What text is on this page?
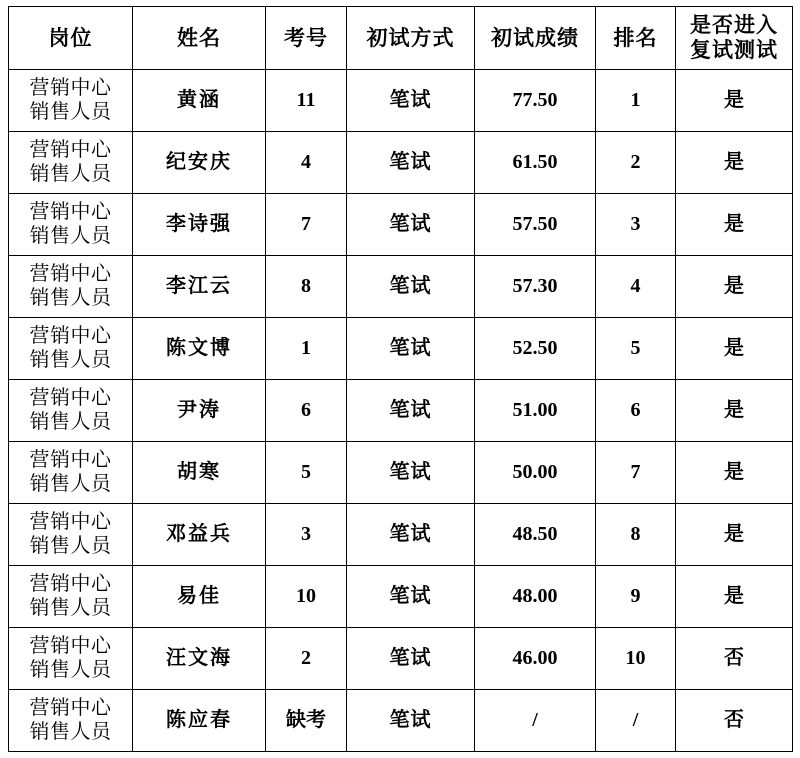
岗位	姓名	考号	初试方式	初试成绩	排名	是否进入
复试测试

营销中心
销售人员	黄涵	11	笔试	77.50	1	是

营销中心
销售人员	纪安庆	4	笔试	61.50	2	是

营销中心
销售人员	李诗强	7	笔试	57.50	3	是

营销中心
销售人员	李江云	8	笔试	57.30	4	是

营销中心
销售人员	陈文博	1	笔试	52.50	5	是

营销中心
销售人员	尹涛	6	笔试	51.00	6	是

营销中心
销售人员	胡寒	5	笔试	50.00	7	是

营销中心
销售人员	邓益兵	3	笔试	48.50	8	是

营销中心
销售人员	易佳	10	笔试	48.00	9	是

营销中心
销售人员	汪文海	2	笔试	46.00	10	否

营销中心
销售人员	陈应春	缺考	笔试	/	/	否
